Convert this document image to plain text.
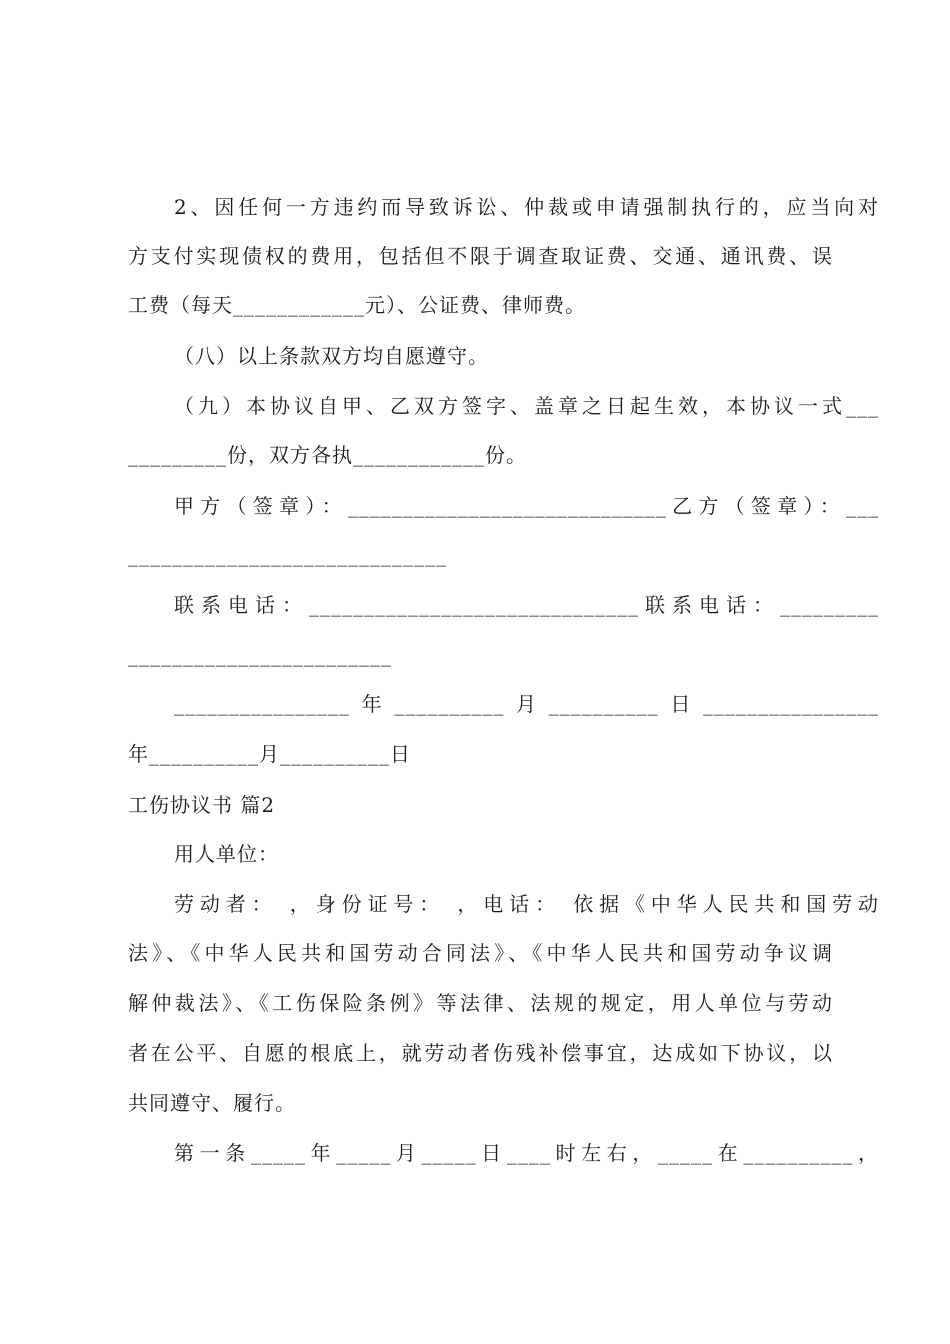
2、因任何一方违约而导致诉讼、仲裁或申请强制执行的，应当向对
方支付实现债权的费用，包括但不限于调查取证费、交通、通讯费、误
工费（每天____________元）、公证费、律师费。
（八）以上条款双方均自愿遵守。
（九）本协议自甲、乙双方签字、盖章之日起生效，本协议一式___
_________份，双方各执____________份。
甲方（签章）：_____________________________乙方（签章）：___
_____________________________
联系电话：______________________________联系电话：_________
________________________
________________年__________月__________日________________
年__________月__________日
工伤协议书 篇2
用人单位：
劳动者： ，身份证号： ，电话： 依据《中华人民共和国劳动
法》、《中华人民共和国劳动合同法》、《中华人民共和国劳动争议调
解仲裁法》、《工伤保险条例》等法律、法规的规定，用人单位与劳动
者在公平、自愿的根底上，就劳动者伤残补偿事宜，达成如下协议，以
共同遵守、履行。
第一条_____年_____月_____日____时左右，_____在__________，
